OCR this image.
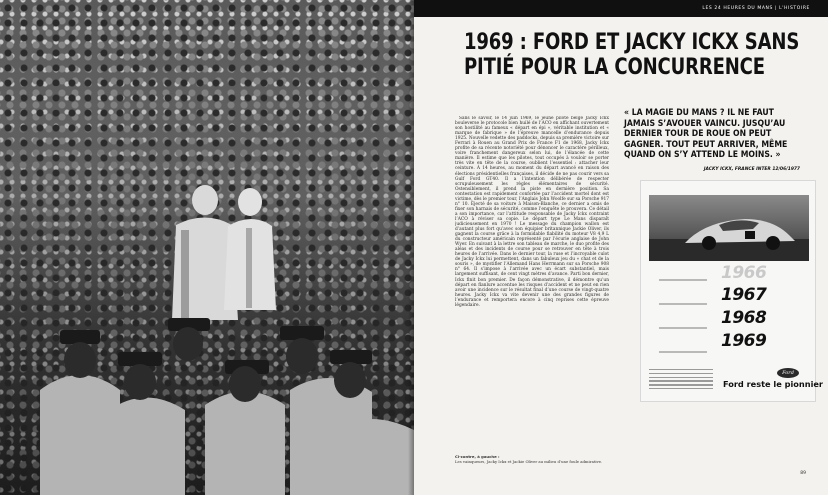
LES 24 HEURES DU MANS | L'HISTOIRE
1969 : FORD ET JACKY ICKX SANS
PITIÉ POUR LA CONCURRENCE
Sans le savoir, le 14 juin 1969, le jeune pilote belge Jacky Ickx bouleverse le protocole bien huilé de l’ACO en affichant ouvertement son hostilité au fameux « départ en épi », véritable institution et « marque de fabrique » de l’épreuve mancelle d’endurance depuis 1925. Nouvelle vedette des paddocks, depuis sa première victoire sur Ferrari à Rouen au Grand Prix de France F1 de 1968, Jacky Ickx profite de sa récente notoriété pour dénoncer le caractère périlleux, voire franchement dangereux selon lui, de l’élancée de cette manière. Il estime que les pilotes, tout occupés à vouloir se porter très vite en tête de la course, oublient l’essentiel : attacher leur ceinture. À 14 heures, au moment du départ avancé en raison des élections présidentielles françaises, il décide de ne pas courir vers sa Gulf Ford GT40. Il a l’intention délibérée de respecter scrupuleusement les règles élémentaires de sécurité. Ostensiblement, il prend la piste en dernière position. Sa contestation est rapidement confortée par l’accident mortel dont est victime, dès le premier tour, l’Anglais John Woolfe sur sa Porsche 917 n° 10. Éjecté de sa voiture à Maison-Blanche, ce dernier a omis de fixer son harnais de sécurité, comme l’enquête le prouvera. Ce détail a son importance, car l’attitude responsable de Jacky Ickx contraint l’ACO à réviser sa copie. Le départ type Le Mans disparaît judicieusement en 1970 ! Le message du champion wallon est d’autant plus fort qu’avec son équipier britannique Jackie Oliver, ils gagnent la course grâce à la formidable fiabilité du moteur V8 4,9 L du constructeur américain représenté par l’écurie anglaise de John Wyer. En suivant à la lettre son tableau de marche, le duo profite des aléas et des incidents de course pour se retrouver en tête à trois heures de l’arrivée. Dans le dernier tour, la ruse et l’incroyable culot de Jacky Ickx lui permettent, dans un fabuleux jeu du « chat et de la souris », de mystifier l’Allemand Hans Herrmann sur sa Porsche 908 n° 64. Il s’impose à l’arrivée avec un écart substantiel, mais largement suffisant, de cent vingt mètres d’avance. Parti bon dernier, Ickx finit bon premier. De façon démonstrative, il démontre qu’un départ en flanlure accentue les risques d’accident et ne peut en rien avoir une incidence sur le résultat final d’une course de vingt-quatre heures. Jacky Ickx va vite devenir une des grandes figures de l’endurance et remportera encore à cinq reprises cette épreuve légendaire.
« LA MAGIE DU MANS ? IL NE FAUT
JAMAIS S’AVOUER VAINCU. JUSQU’AU
DERNIER TOUR DE ROUE ON PEUT
GAGNER. TOUT PEUT ARRIVER, MÊME
QUAND ON S’Y ATTEND LE MOINS. »
JACKY ICKX, FRANCE INTER 12/06/1977
1966
1967
1968
1969
Ford
Ford reste le pionnier
Ci-contre, à gauche :
Les vainqueurs, Jacky Ickx et Jackie Oliver au milieu d’une foule admirative.
89
